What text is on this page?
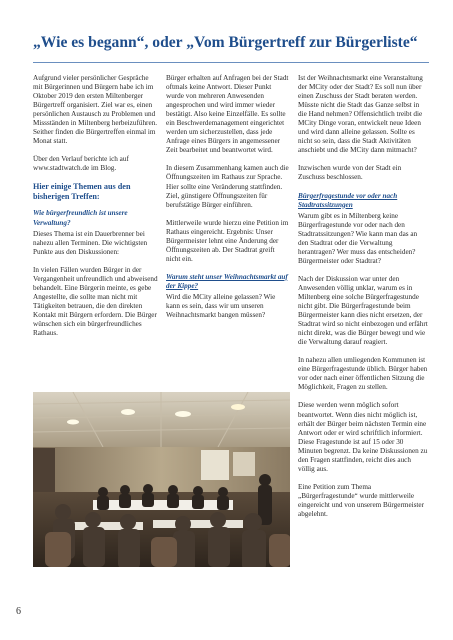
„Wie es begann“, oder „Vom Bürgertreff zur Bürgerliste“

Aufgrund vieler persönlicher Gespräche mit Bürgerinnen und Bürgern habe ich im Oktober 2019 den ersten Miltenberger Bürgertreff organisiert. Ziel war es, einen persönlichen Austausch zu Problemen und Missständen in Miltenberg herbeizuführen. Seither finden die Bürgertreffen einmal im Monat statt.

Über den Verlauf berichte ich auf www.stadtwatch.de im Blog.

Hier einige Themen aus den bisherigen Treffen:
Wie bürgerfreundlich ist unsere Verwaltung?

Dieses Thema ist ein Dauerbrenner bei nahezu allen Terminen. Die wichtigsten Punkte aus den Diskussionen:

In vielen Fällen wurden Bürger in der Vergangenheit unfreundlich und abweisend behandelt. Eine Bürgerin meinte, es gebe Angestellte, die sollte man nicht mit Tätigkeiten betrauen, die den direkten Kontakt mit Bürgern erfordern. Die Bürger wünschen sich ein bürgerfreundliches Rathaus.

Bürger erhalten auf Anfragen bei der Stadt oftmals keine Antwort. Dieser Punkt wurde von mehreren Anwesenden angesprochen und wird immer wieder bestätigt. Also keine Einzelfälle. Es sollte ein Beschwerdemanagement eingerichtet werden um sicherzustellen, dass jede Anfrage eines Bürgers in angemessener Zeit bearbeitet und beantwortet wird.

In diesem Zusammenhang kamen auch die Öffnungszeiten im Rathaus zur Sprache. Hier sollte eine Veränderung stattfinden. Ziel, günstigere Öffnungszeiten für berufstätige Bürger einführen.

Mittlerweile wurde hierzu eine Petition im Rathaus eingereicht. Ergebnis: Unser Bürgermeister lehnt eine Änderung der Öffnungszeiten ab. Der Stadtrat greift nicht ein.

Warum steht unser Weihnachtsmarkt auf der Kippe?

Wird die MCity alleine gelassen? Wie kann es sein, dass wir um unseren Weihnachtsmarkt bangen müssen?

Ist der Weihnachtsmarkt eine Veranstaltung der MCity oder der Stadt? Es soll nun über einen Zuschuss der Stadt beraten werden. Müsste nicht die Stadt das Ganze selbst in die Hand nehmen? Offensichtlich treibt die MCity Dinge voran, entwickelt neue Ideen und wird dann alleine gelassen. Sollte es nicht so sein, dass die Stadt Aktivitäten anschiebt und die MCity dann mitmacht?

Inzwischen wurde von der Stadt ein Zuschuss beschlossen.

Bürgerfragestunde vor oder nach Stadtratssitzungen

Warum gibt es in Miltenberg keine Bürgerfragestunde vor oder nach den Stadtratssitzungen? Wie kann man das an den Stadtrat oder die Verwaltung herantragen? Wer muss das entscheiden? Bürgermeister oder Stadtrat?

Nach der Diskussion war unter den Anwesenden völlig unklar, warum es in Miltenberg eine solche Bürgerfragestunde nicht gibt. Die Bürgerfragestunde beim Bürgermeister kann dies nicht ersetzen, der Stadtrat wird so nicht einbezogen und erfährt nicht direkt, was die Bürger bewegt und wie die Verwaltung darauf reagiert.

In nahezu allen umliegenden Kommunen ist eine Bürgerfragestunde üblich. Bürger haben vor oder nach einer öffentlichen Sitzung die Möglichkeit, Fragen zu stellen.

Diese werden wenn möglich sofort beantwortet. Wenn dies nicht möglich ist, erhält der Bürger beim nächsten Termin eine Antwort oder er wird schriftlich informiert. Diese Fragestunde ist auf 15 oder 30 Minuten begrenzt. Da keine Diskussionen zu den Fragen stattfinden, reicht dies auch völlig aus.

Eine Petition zum Thema „Bürgerfragestunde“ wurde mittlerweile eingereicht und von unserem Bürgermeister abgelehnt.

6
